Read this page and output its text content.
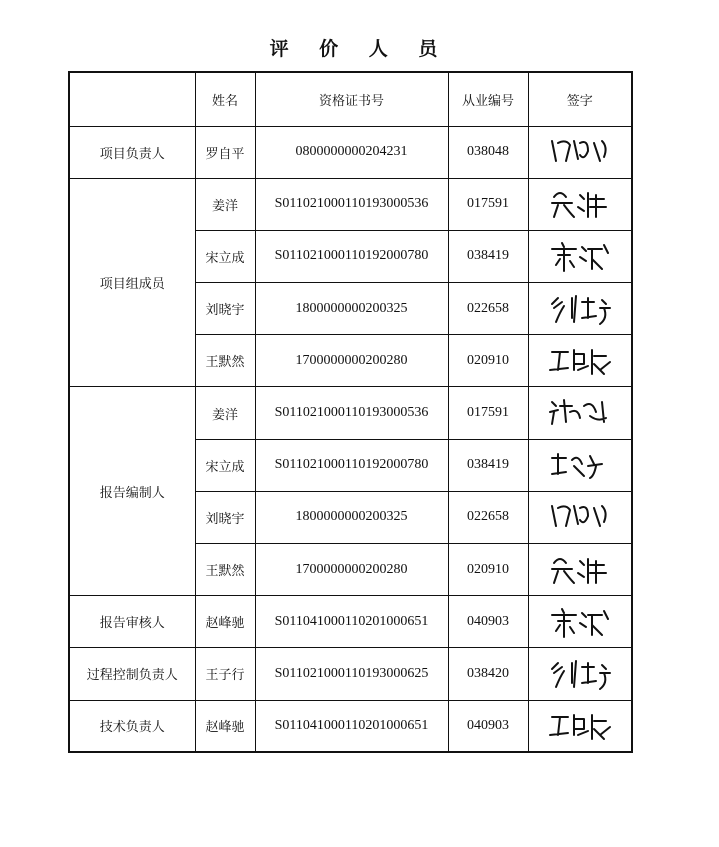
评 价 人 员
	姓名	资格证书号	从业编号	签字
项目负责人	罗自平	0800000000204231	038048	

项目组成员	姜洋	S011021000110193000536	017591	

	宋立成	S011021000110192000780	038419	

	刘晓宇	1800000000200325	022658	

	王默然	1700000000200280	020910	

报告编制人	姜洋	S011021000110193000536	017591	

	宋立成	S011021000110192000780	038419	

	刘晓宇	1800000000200325	022658	

	王默然	1700000000200280	020910	

报告审核人	赵峰驰	S011041000110201000651	040903	

过程控制负责人	王子行	S011021000110193000625	038420	

技术负责人	赵峰驰	S011041000110201000651	040903	
